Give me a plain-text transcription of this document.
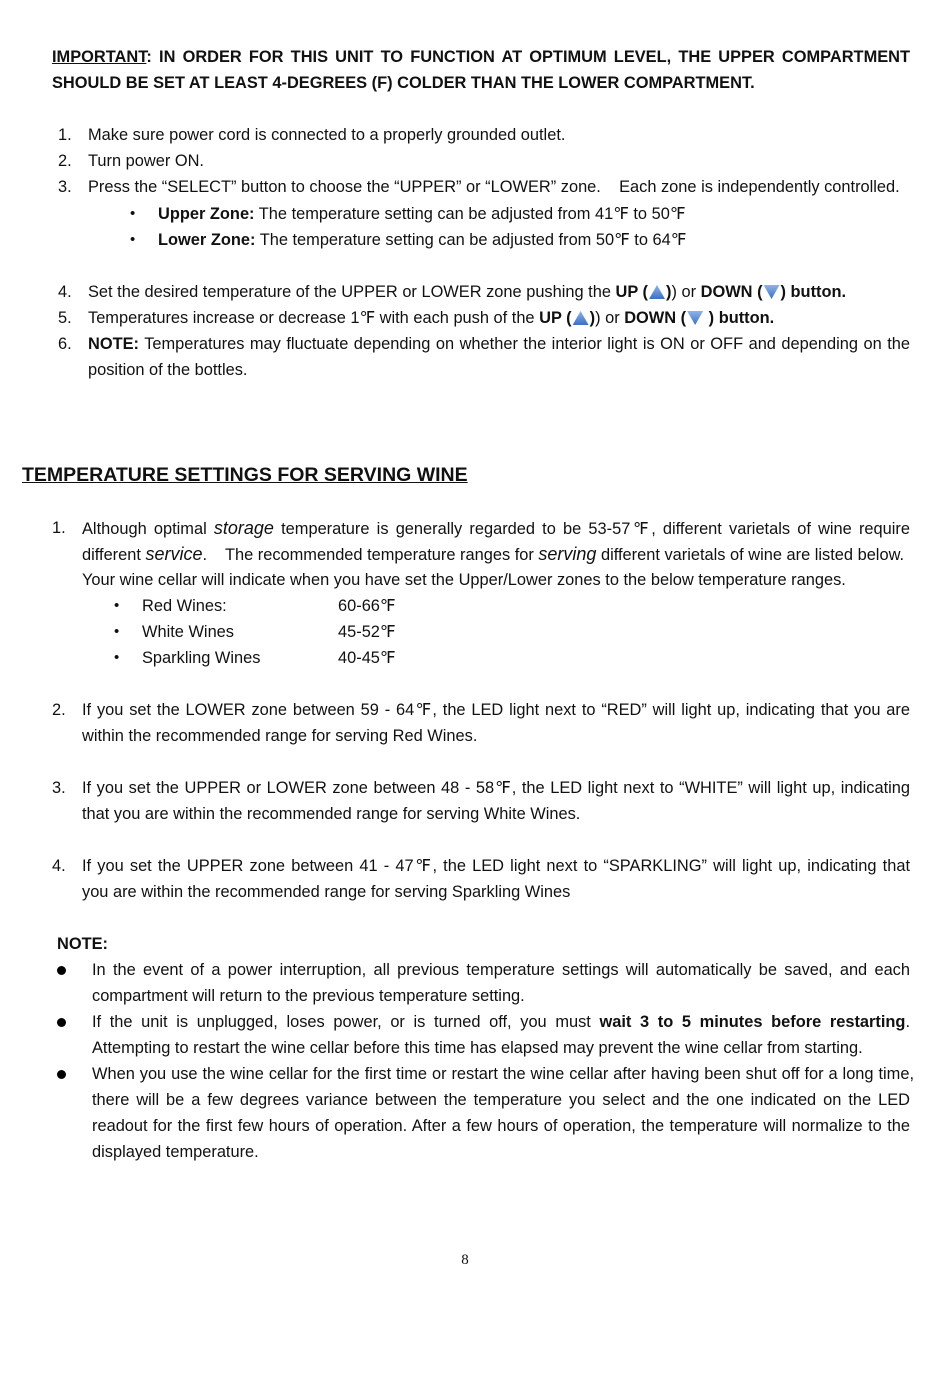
IMPORTANT: IN ORDER FOR THIS UNIT TO FUNCTION AT OPTIMUM LEVEL, THE UPPER COMPARTMENT
SHOULD BE SET AT LEAST 4-DEGREES (F) COLDER THAN THE LOWER COMPARTMENT.
1. Make sure power cord is connected to a properly grounded outlet.
2. Turn power ON.
3. Press the “SELECT” button to choose the “UPPER” or “LOWER” zone.    Each zone is independently controlled.
• Upper Zone: The temperature setting can be adjusted from 41℉ to 50℉
• Lower Zone: The temperature setting can be adjusted from 50℉ to 64℉
4. Set the desired temperature of the UPPER or LOWER zone pushing the UP ( )) or DOWN ( ) button.
5. Temperatures increase or decrease 1℉ with each push of the UP ( )) or DOWN ( ) button.
6. NOTE: Temperatures may fluctuate depending on whether the interior light is ON or OFF and depending on the
position of the bottles.
TEMPERATURE SETTINGS FOR SERVING WINE
1. Although optimal storage temperature is generally regarded to be 53-57℉, different varietals of wine require
different service.    The recommended temperature ranges for serving different varietals of wine are listed below.
Your wine cellar will indicate when you have set the Upper/Lower zones to the below temperature ranges.
• Red Wines:	60-66℉
• White Wines	45-52℉
• Sparkling Wines	40-45℉
2. If you set the LOWER zone between 59 - 64℉, the LED light next to “RED” will light up, indicating that you are
within the recommended range for serving Red Wines.
3. If you set the UPPER or LOWER zone between 48 - 58℉, the LED light next to “WHITE” will light up, indicating
that you are within the recommended range for serving White Wines.
4. If you set the UPPER zone between 41 - 47℉, the LED light next to “SPARKLING” will light up, indicating that
you are within the recommended range for serving Sparkling Wines
NOTE:
In the event of a power interruption, all previous temperature settings will automatically be saved, and each
compartment will return to the previous temperature setting.
If the unit is unplugged, loses power, or is turned off, you must wait 3 to 5 minutes before restarting.
Attempting to restart the wine cellar before this time has elapsed may prevent the wine cellar from starting.
When you use the wine cellar for the first time or restart the wine cellar after having been shut off for a long time,
there will be a few degrees variance between the temperature you select and the one indicated on the LED
readout for the first few hours of operation. After a few hours of operation, the temperature will normalize to the
displayed temperature.
8
